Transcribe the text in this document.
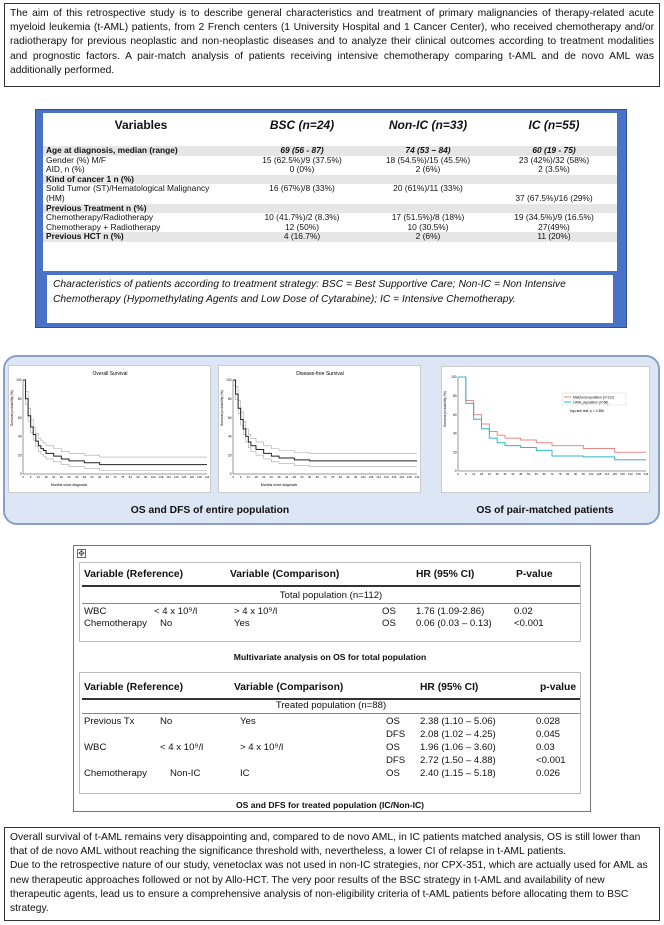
The aim of this retrospective study is to describe general characteristics and treatment of primary malignancies of therapy-related acute myeloid leukemia (t-AML) patients, from 2 French centers (1 University Hospital and 1 Cancer Center), who received chemotherapy and/or radiotherapy for previous neoplastic and non-neoplastic diseases and to analyze their clinical outcomes according to treatment modalities and prognostic factors. A pair-match analysis of patients receiving intensive chemotherapy comparing t-AML and de novo AML was additionally performed.
Variables	BSC (n=24)	Non-IC (n=33)	IC (n=55)
Age at diagnosis, median (range)	69 (56 - 87)	74 (53 – 84)	60 (19 - 75)
Gender (%) M/F	15 (62.5%)/9 (37.5%)	18 (54.5%)/15 (45.5%)	23 (42%)/32 (58%)
AID, n (%)	0 (0%)	2 (6%)	2 (3.5%)
Kind of cancer 1 n (%)			
Solid Tumor (ST)/Hematological Malignancy	16 (67%)/8 (33%)	20 (61%)/11 (33%)	
(HM)			37 (67.5%)/16 (29%)
Previous Treatment n (%)			
Chemotherapy/Radiotherapy	10 (41.7%)/2 (8.3%)	17 (51.5%)/8 (18%)	19 (34.5%)/9 (16.5%)
Chemotherapy + Radiotherapy	12 (50%)	10 (30.5%)	27(49%)
Previous HCT n (%)	4 (16.7%)	2 (6%)	11 (20%)
Characteristics of patients according to treatment strategy: BSC = Best Supportive Care; Non-IC = Non Intensive Chemotherapy (Hypomethylating Agents and Low Dose of Cytarabine); IC = Intensive Chemotherapy.
Overall Survival
Survival probability (%)
Months since diagnosis
0 6 12 18 24 30 36 42 48 54 60 66 72 78 84 90 96 102 108 114 120 126 132 138 144
0
20
40
60
80
100
Disease-free Survival
Survival probability (%)
Months since diagnosis
0 6 12 18 24 30 36 42 48 54 60 66 72 78 84 90 96 102 108 114 120 126 132 138 144
0
20
40
60
80
100
Matched population (n=112)
t-AML population (n=56)
log-rank test: p = 0.386
Survival probability (%)
0 6 12 18 24 30 36 42 48 54 60 66 72 78 84 90 96 102 108 114 120 126 132 138 144
0
20
40
60
80
100
OS and DFS of entire population	OS of pair-matched patients
✥
Variable (Reference)	Variable (Comparison)	HR (95% CI)	P-value
Total population (n=112)
WBC	< 4 x 10⁹/l	> 4 x 10⁹/l	OS 1.76 (1.09-2.86)	0.02
Chemotherapy No	Yes	OS 0.06 (0.03 – 0.13) <0.001
Multivariate analysis on OS for total population
Variable (Reference)	Variable (Comparison)	HR (95% CI)	p-value
Treated population (n=88)
Previous Tx	No	Yes	OS 2.38 (1.10 – 5.06)	0.028
DFS 2.08 (1.02 – 4.25)	0.045
WBC	< 4 x 10⁹/l	> 4 x 10⁹/l	OS 1.96 (1.06 – 3.60)	0.03
DFS 2.72 (1.50 – 4.88)	<0.001
Chemotherapy Non-IC	IC	OS 2.40 (1.15 – 5.18)	0.026
OS and DFS for treated population (IC/Non-IC)
Overall survival of t-AML remains very disappointing and, compared to de novo AML, in IC patients matched analysis, OS is still lower than that of de novo AML without reaching the significance threshold with, nevertheless, a lower CI of relapse in t-AML patients.
Due to the retrospective nature of our study, venetoclax was not used in non-IC strategies, nor CPX-351, which are actually used for AML as new therapeutic approaches followed or not by Allo-HCT. The very poor results of the BSC strategy in t-AML and availability of new therapeutic agents, lead us to ensure a comprehensive analysis of non-eligibility criteria of t-AML patients before allocating them to BSC strategy.
